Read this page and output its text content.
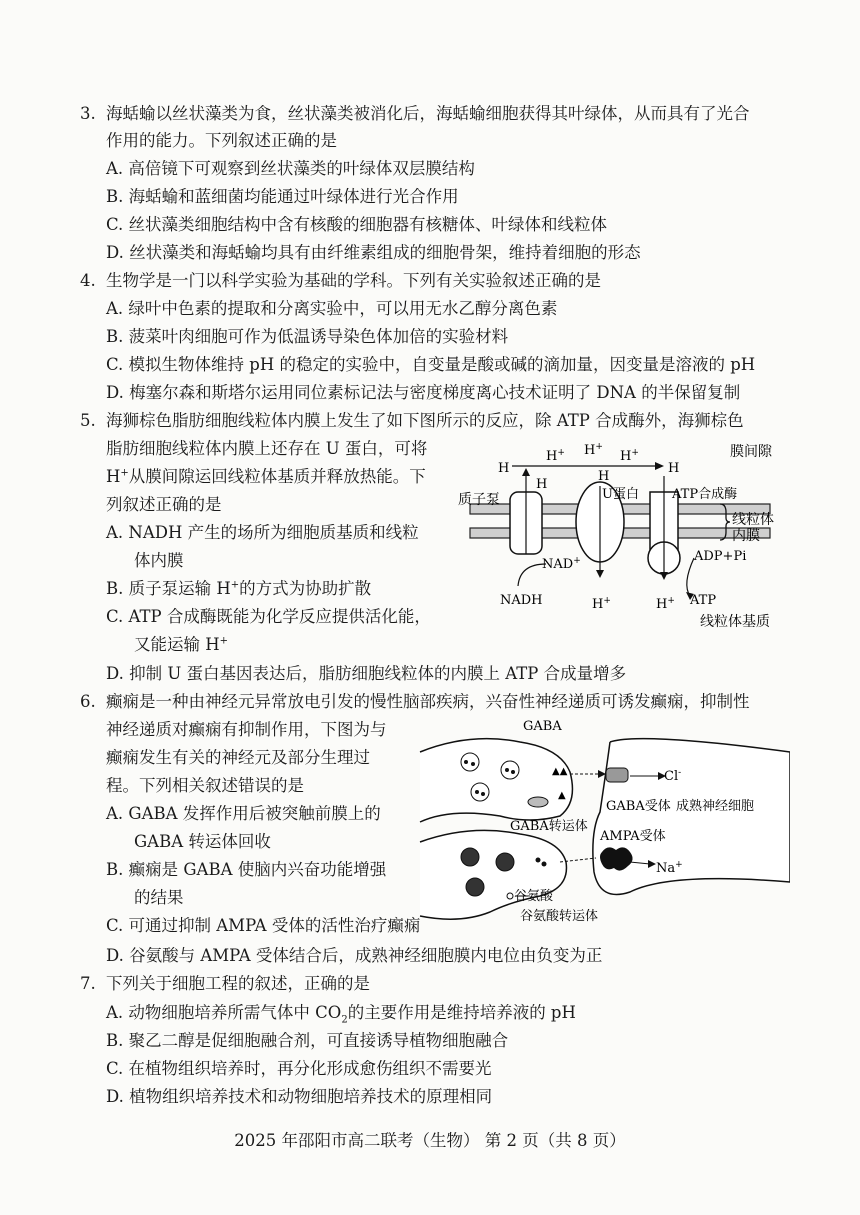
3. 海蛞蝓以丝状藻类为食，丝状藻类被消化后，海蛞蝓细胞获得其叶绿体，从而具有了光合
作用的能力。下列叙述正确的是
A. 高倍镜下可观察到丝状藻类的叶绿体双层膜结构
B. 海蛞蝓和蓝细菌均能通过叶绿体进行光合作用
C. 丝状藻类细胞结构中含有核酸的细胞器有核糖体、叶绿体和线粒体
D. 丝状藻类和海蛞蝓均具有由纤维素组成的细胞骨架，维持着细胞的形态
4. 生物学是一门以科学实验为基础的学科。下列有关实验叙述正确的是
A. 绿叶中色素的提取和分离实验中，可以用无水乙醇分离色素
B. 菠菜叶肉细胞可作为低温诱导染色体加倍的实验材料
C. 模拟生物体维持 pH 的稳定的实验中，自变量是酸或碱的滴加量，因变量是溶液的 pH
D. 梅塞尔森和斯塔尔运用同位素标记法与密度梯度离心技术证明了 DNA 的半保留复制
5. 海狮棕色脂肪细胞线粒体内膜上发生了如下图所示的反应，除 ATP 合成酶外，海狮棕色
脂肪细胞线粒体内膜上还存在 U 蛋白，可将
H+从膜间隙运回线粒体基质并释放热能。下
列叙述正确的是
A. NADH 产生的场所为细胞质基质和线粒
体内膜
B. 质子泵运输 H+的方式为协助扩散
C. ATP 合成酶既能为化学反应提供活化能，
又能运输 H+
D. 抑制 U 蛋白基因表达后，脂肪细胞线粒体的内膜上 ATP 合成量增多
H
H+ H+
H+
H
膜间隙
质子泵
H
NAD+
NADH
U蛋白
H
H+
ATP合成酶
H+
ADP+Pi
ATP
线粒体
内膜
线粒体基质
6. 癫痫是一种由神经元异常放电引发的慢性脑部疾病，兴奋性神经递质可诱发癫痫，抑制性
神经递质对癫痫有抑制作用，下图为与
癫痫发生有关的神经元及部分生理过
程。下列相关叙述错误的是
A. GABA 发挥作用后被突触前膜上的
GABA 转运体回收
B. 癫痫是 GABA 使脑内兴奋功能增强
的结果
C. 可通过抑制 AMPA 受体的活性治疗癫痫
D. 谷氨酸与 AMPA 受体结合后，成熟神经细胞膜内电位由负变为正
▲▲
▲
GABA
Cl-
GABA受体 成熟神经细胞
GABA转运体
AMPA受体
Na+
谷氨酸
谷氨酸转运体
7. 下列关于细胞工程的叙述，正确的是
A. 动物细胞培养所需气体中 $CO_2$的主要作用是维持培养液的 pH
B. 聚乙二醇是促细胞融合剂，可直接诱导植物细胞融合
C. 在植物组织培养时，再分化形成愈伤组织不需要光
D. 植物组织培养技术和动物细胞培养技术的原理相同
2025 年邵阳市高二联考（生物） 第 2 页（共 8 页）
